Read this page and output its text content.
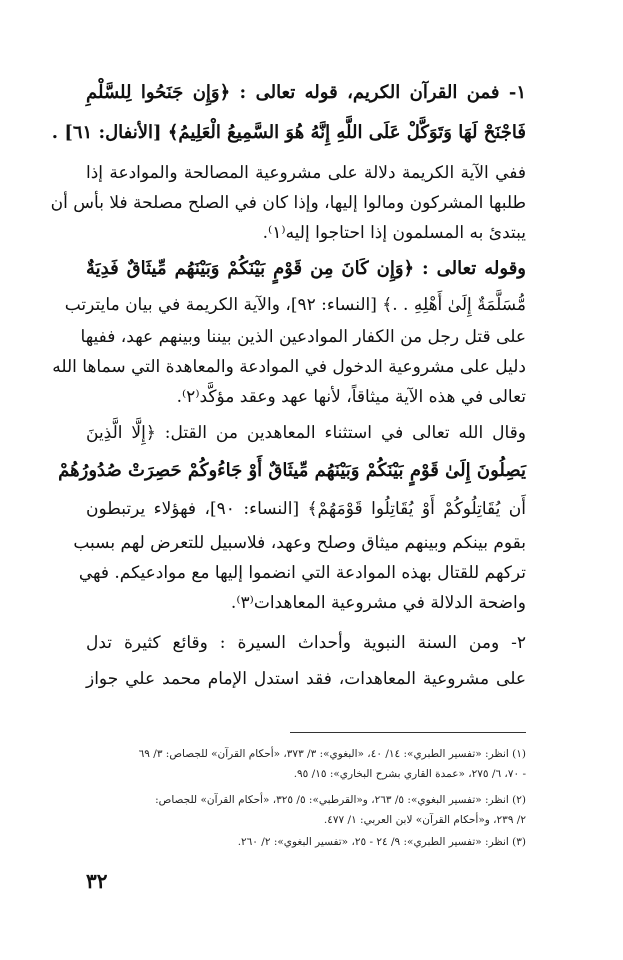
١- فمن القرآن الكريم، قوله تعالى : ﴿وَإِن جَنَحُوا لِلسَّلْمِ
فَاجْنَحْ لَهَا وَتَوَكَّلْ عَلَى اللَّهِ إِنَّهُ هُوَ السَّمِيعُ الْعَلِيمُ﴾ [الأنفال: ٦١] .
ففي الآية الكريمة دلالة على مشروعية المصالحة والموادعة إذا
طلبها المشركون ومالوا إليها، وإذا كان في الصلح مصلحة فلا بأس أن
يبتدئ به المسلمون إذا احتاجوا إليه⁽١⁾.
وقوله تعالى : ﴿وَإِن كَانَ مِن قَوْمٍ بَيْنَكُمْ وَبَيْنَهُم مِّيثَاقٌ فَدِيَةٌ
مُّسَلَّمَةٌ إِلَىٰ أَهْلِهِ . .﴾ [النساء: ٩٢]، والآية الكريمة في بيان مايترتب
على قتل رجل من الكفار الموادعين الذين بيننا وبينهم عهد، ففيها
دليل على مشروعية الدخول في الموادعة والمعاهدة التي سماها الله
تعالى في هذه الآية ميثاقاً، لأنها عهد وعقد مؤكَّد⁽٢⁾.
وقال الله تعالى في استثناء المعاهدين من القتل: ﴿إِلَّا الَّذِينَ
يَصِلُونَ إِلَىٰ قَوْمٍ بَيْنَكُمْ وَبَيْنَهُم مِّيثَاقٌ أَوْ جَاءُوكُمْ حَصِرَتْ صُدُورُهُمْ
أَن يُقَاتِلُوكُمْ أَوْ يُقَاتِلُوا قَوْمَهُمْ﴾ [النساء: ٩٠]، فهؤلاء يرتبطون
بقوم بينكم وبينهم ميثاق وصلح وعهد، فلاسبيل للتعرض لهم بسبب
تركهم للقتال بهذه الموادعة التي انضموا إليها مع موادعيكم. فهي
واضحة الدلالة في مشروعية المعاهدات⁽٣⁾.
٢- ومن السنة النبوية وأحداث السيرة : وقائع كثيرة تدل
على مشروعية المعاهدات، فقد استدل الإمام محمد علي جواز
(١) انظر: «تفسير الطبري»: ١٤/ ٤٠، «البغوي»: ٣/ ٣٧٣، «أحكام القرآن» للجصاص: ٣/ ٦٩
- ٧٠، ٦/ ٢٧٥، «عمدة القاري بشرح البخاري»: ١٥/ ٩٥.
(٢) انظر: «تفسير البغوي»: ٥/ ٢٦٣، و«القرطبي»: ٥/ ٣٢٥، «أحكام القرآن» للجصاص:
٢/ ٢٣٩، و«أحكام القرآن» لابن العربي: ١/ ٤٧٧.
(٣) انظر: «تفسير الطبري»: ٩/ ٢٤ - ٢٥، «تفسير البغوي»: ٢/ ٢٦٠.
٣٢
